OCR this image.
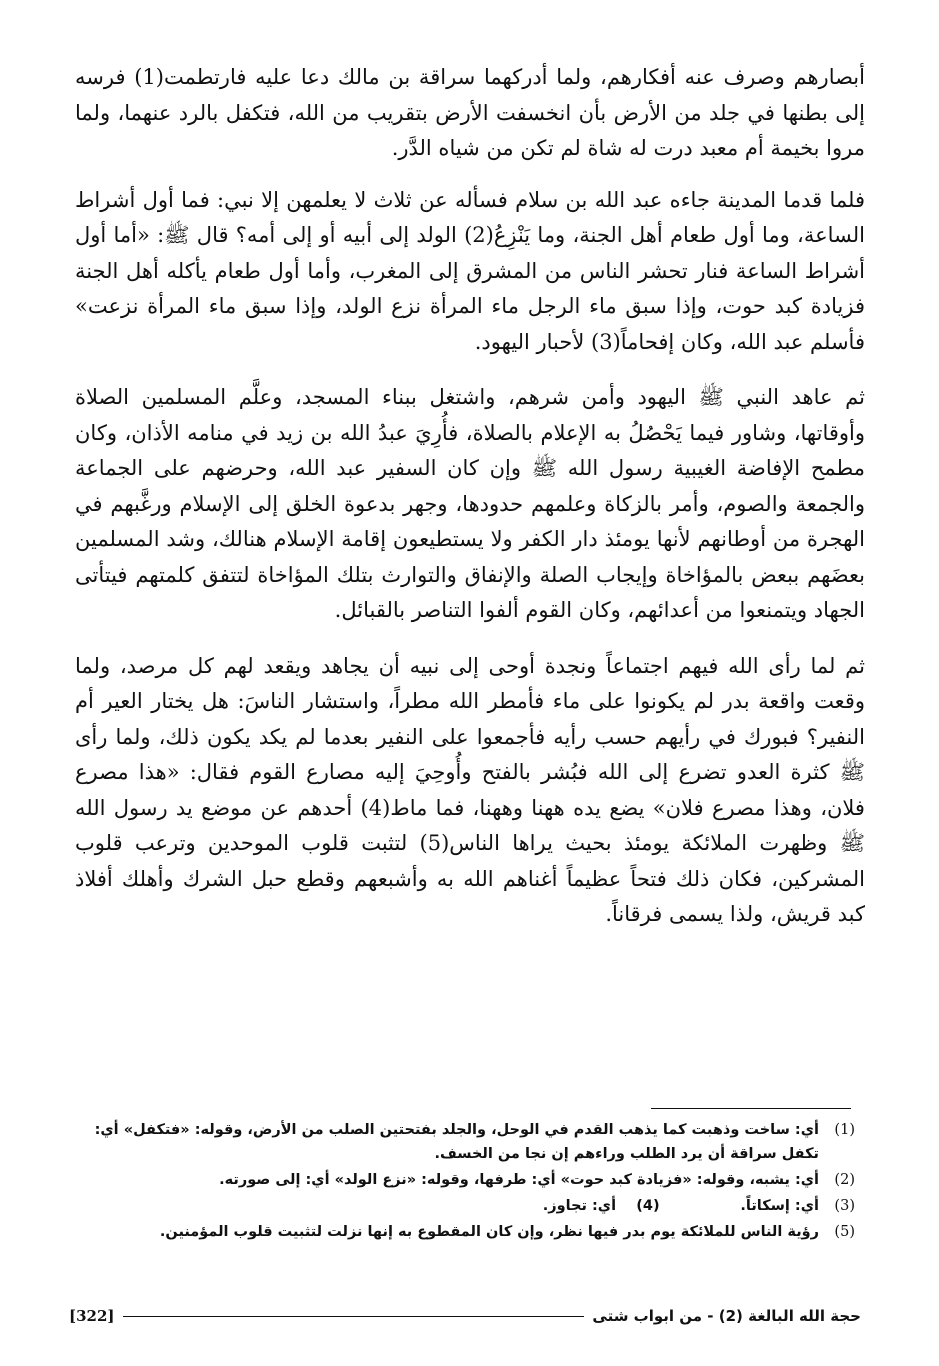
أبصارهم وصرف عنه أفكارهم، ولما أدركهما سراقة بن مالك دعا عليه فارتطمت(1) فرسه إلى بطنها في جلد من الأرض بأن انخسفت الأرض بتقريب من الله، فتكفل بالرد عنهما، ولما مروا بخيمة أم معبد درت له شاة لم تكن من شياه الدَّر.

فلما قدما المدينة جاءه عبد الله بن سلام فسأله عن ثلاث لا يعلمهن إلا نبي: فما أول أشراط الساعة، وما أول طعام أهل الجنة، وما يَنْزِعُ(2) الولد إلى أبيه أو إلى أمه؟ قال ﷺ: «أما أول أشراط الساعة فنار تحشر الناس من المشرق إلى المغرب، وأما أول طعام يأكله أهل الجنة فزيادة كبد حوت، وإذا سبق ماء الرجل ماء المرأة نزع الولد، وإذا سبق ماء المرأة نزعت» فأسلم عبد الله، وكان إفحاماً(3) لأحبار اليهود.

ثم عاهد النبي ﷺ اليهود وأمن شرهم، واشتغل ببناء المسجد، وعلَّم المسلمين الصلاة وأوقاتها، وشاور فيما يَحْصُلُ به الإعلام بالصلاة، فأُرِيَ عبدُ الله بن زيد في منامه الأذان، وكان مطمح الإفاضة الغيبية رسول الله ﷺ وإن كان السفير عبد الله، وحرضهم على الجماعة والجمعة والصوم، وأمر بالزكاة وعلمهم حدودها، وجهر بدعوة الخلق إلى الإسلام ورغَّبهم في الهجرة من أوطانهم لأنها يومئذ دار الكفر ولا يستطيعون إقامة الإسلام هنالك، وشد المسلمين بعضَهم ببعض بالمؤاخاة وإيجاب الصلة والإنفاق والتوارث بتلك المؤاخاة لتتفق كلمتهم فيتأتى الجهاد ويتمنعوا من أعدائهم، وكان القوم ألفوا التناصر بالقبائل.

ثم لما رأى الله فيهم اجتماعاً ونجدة أوحى إلى نبيه أن يجاهد ويقعد لهم كل مرصد، ولما وقعت واقعة بدر لم يكونوا على ماء فأمطر الله مطراً، واستشار الناسَ: هل يختار العير أم النفير؟ فبورك في رأيهم حسب رأيه فأجمعوا على النفير بعدما لم يكد يكون ذلك، ولما رأى ﷺ كثرة العدو تضرع إلى الله فبُشر بالفتح وأُوحِيَ إليه مصارع القوم فقال: «هذا مصرع فلان، وهذا مصرع فلان» يضع يده ههنا وههنا، فما ماط(4) أحدهم عن موضع يد رسول الله ﷺ وظهرت الملائكة يومئذ بحيث يراها الناس(5) لتثبت قلوب الموحدين وترعب قلوب المشركين، فكان ذلك فتحاً عظيماً أغناهم الله به وأشبعهم وقطع حبل الشرك وأهلك أفلاذ كبد قريش، ولذا يسمى فرقاناً.

(1)
أي: ساخت وذهبت كما يذهب القدم في الوحل، والجلد بفتحتين الصلب من الأرض، وقوله: «فتكفل» أي: تكفل سراقة أن يرد الطلب وراءهم إن نجا من الخسف.
(2)
أي: يشبه، وقوله: «فزيادة كبد حوت» أي: طرفها، وقوله: «نزع الولد» أي: إلى صورته.
(3)
أي: إسكاتاً.                (4)    أي: تجاوز.
(5)
رؤية الناس للملائكة يوم بدر فيها نظر، وإن كان المقطوع به إنها نزلت لتثبيت قلوب المؤمنين.
حجة الله البالغة (2) - من ابواب شتى
[322]
